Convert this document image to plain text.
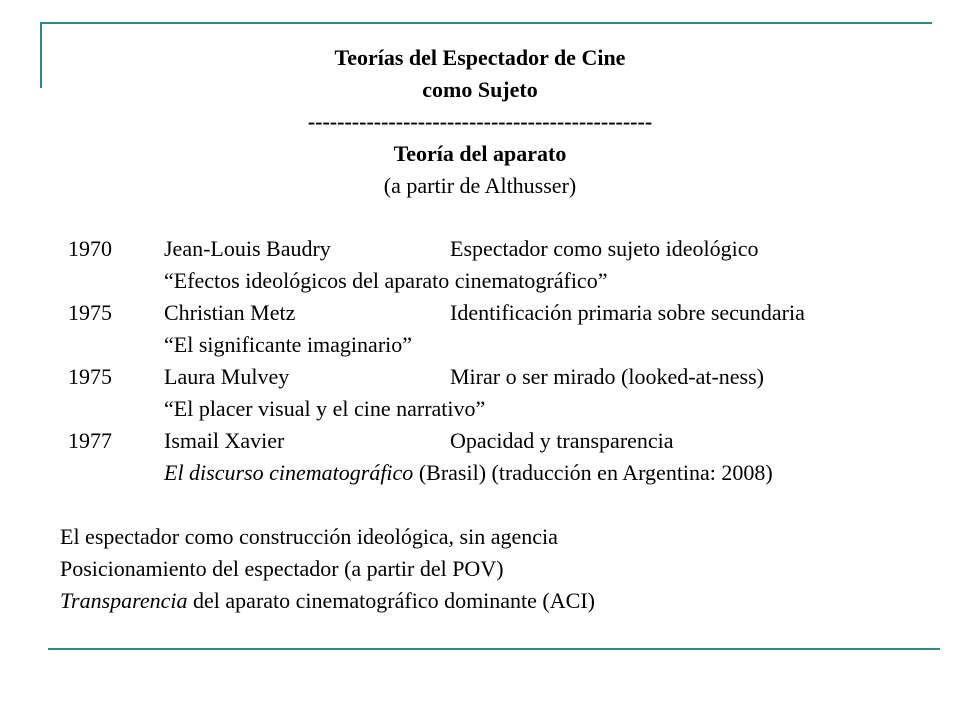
Teorías del Espectador de Cine
como Sujeto
-----------------------------------------------
Teoría del aparato
(a partir de Althusser)
1970 Jean-Louis Baudry	Espectador como sujeto ideológico
“Efectos ideológicos del aparato cinematográfico”
1975 Christian Metz	Identificación primaria sobre secundaria
“El significante imaginario”
1975 Laura Mulvey	Mirar o ser mirado (looked-at-ness)
“El placer visual y el cine narrativo”
1977 Ismail Xavier	Opacidad y transparencia
El discurso cinematográfico (Brasil) (traducción en Argentina: 2008)
El espectador como construcción ideológica, sin agencia
Posicionamiento del espectador (a partir del POV)
Transparencia del aparato cinematográfico dominante (ACI)
